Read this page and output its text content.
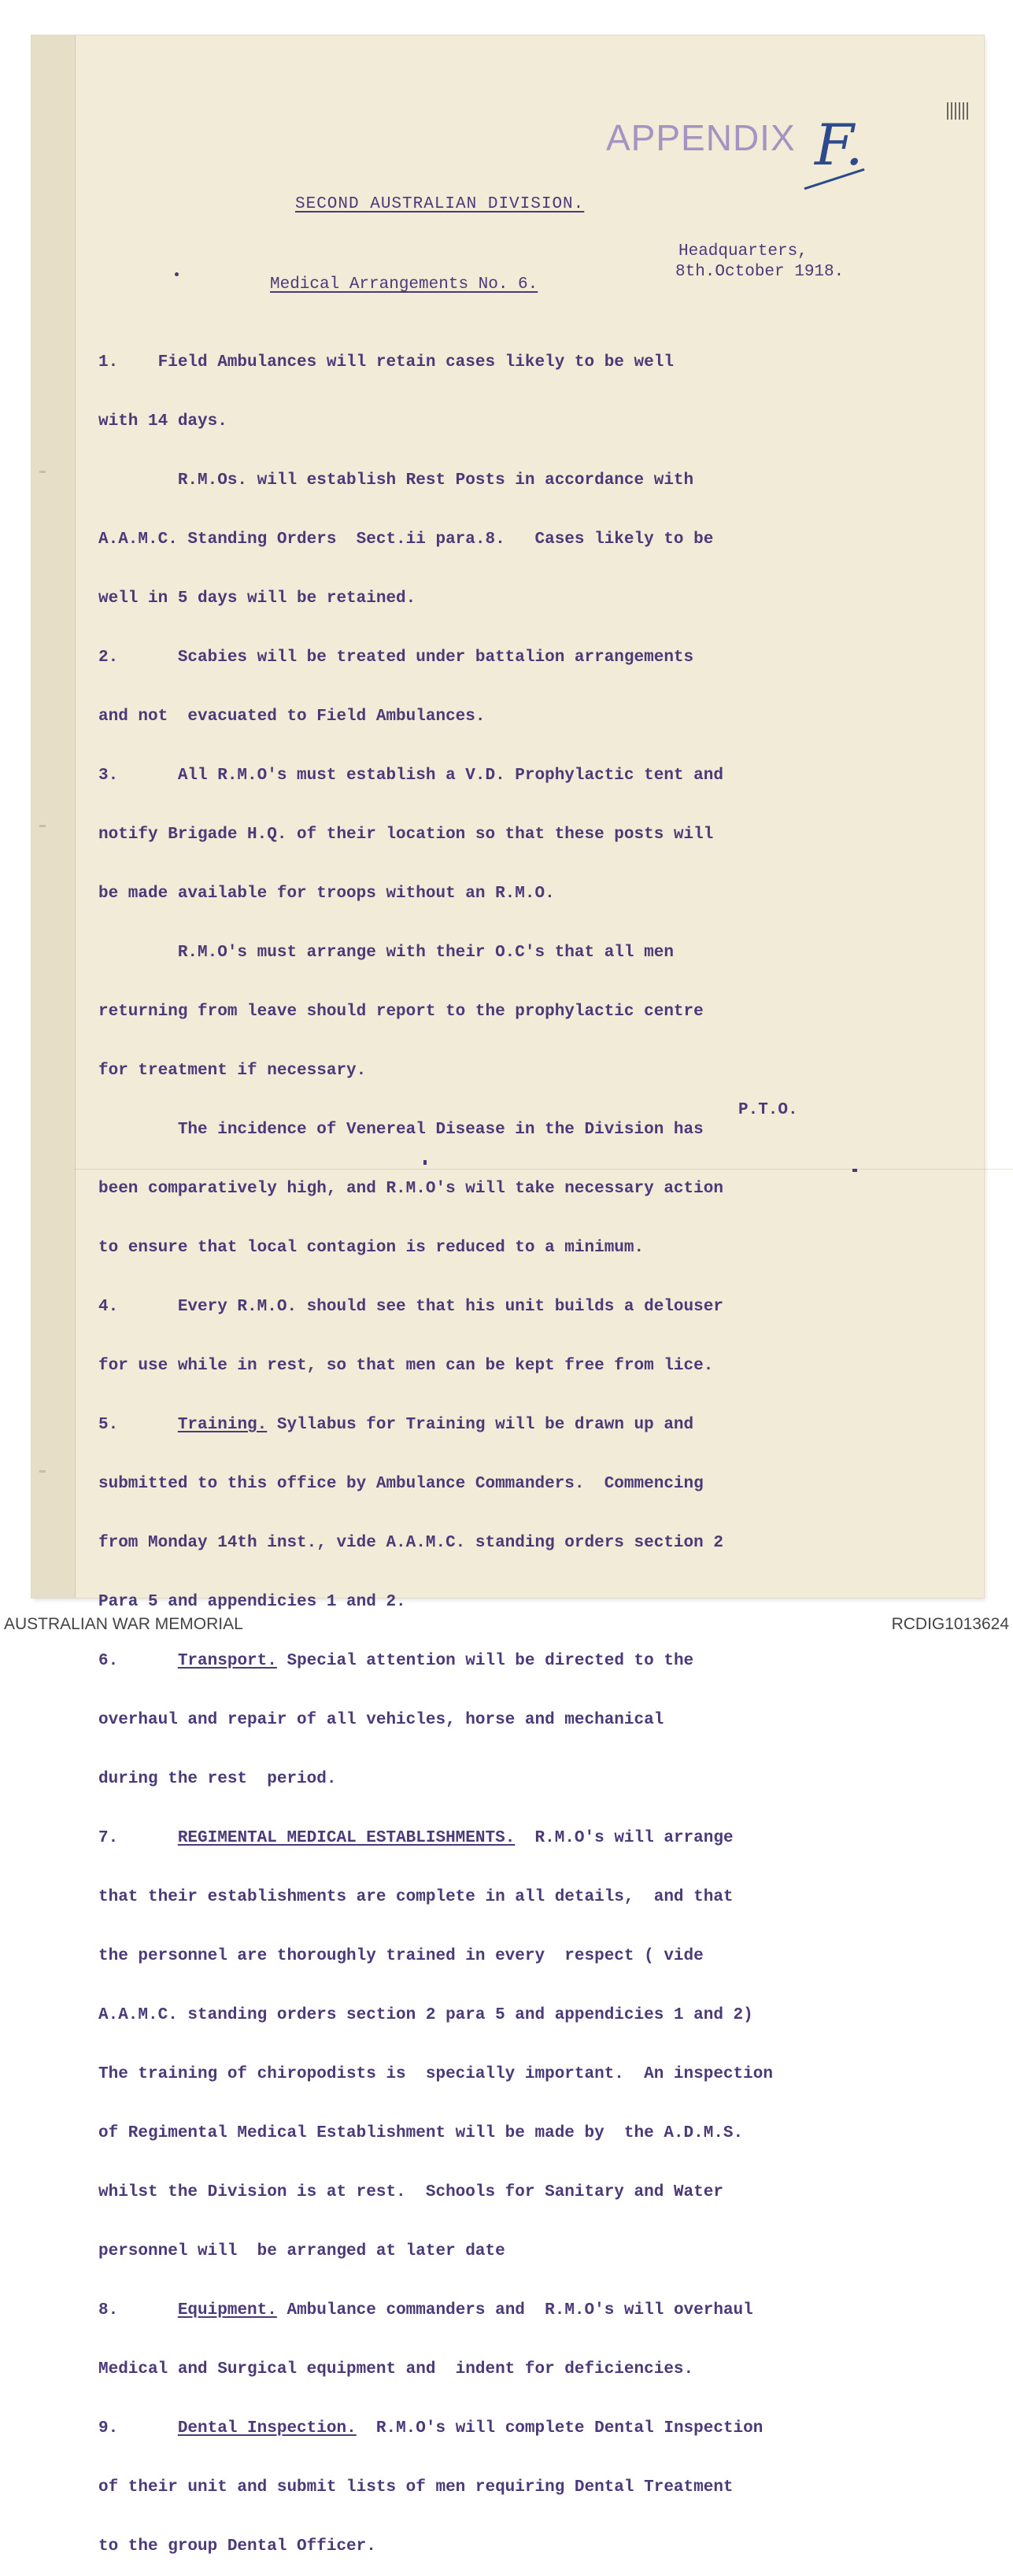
APPENDIX F.
SECOND AUSTRALIAN DIVISION.
Headquarters,
8th.October 1918.
Medical Arrangements No. 6.

1.    Field Ambulances will retain cases likely to be well

with 14 days.

R.M.Os. will establish Rest Posts in accordance with

A.A.M.C. Standing Orders  Sect.ii para.8.   Cases likely to be

well in 5 days will be retained.

2.      Scabies will be treated under battalion arrangements

and not  evacuated to Field Ambulances.

3.      All R.M.O's must establish a V.D. Prophylactic tent and

notify Brigade H.Q. of their location so that these posts will

be made available for troops without an R.M.O.

R.M.O's must arrange with their O.C's that all men

returning from leave should report to the prophylactic centre

for treatment if necessary.

The incidence of Venereal Disease in the Division has

been comparatively high, and R.M.O's will take necessary action

to ensure that local contagion is reduced to a minimum.

4.      Every R.M.O. should see that his unit builds a delouser

for use while in rest, so that men can be kept free from lice.

5.      Training. Syllabus for Training will be drawn up and

submitted to this office by Ambulance Commanders.  Commencing

from Monday 14th inst., vide A.A.M.C. standing orders section 2

Para 5 and appendicies 1 and 2.

6.      Transport. Special attention will be directed to the

overhaul and repair of all vehicles, horse and mechanical

during the rest  period.

7.      REGIMENTAL MEDICAL ESTABLISHMENTS.  R.M.O's will arrange

that their establishments are complete in all details,  and that

the personnel are thoroughly trained in every  respect ( vide

A.A.M.C. standing orders section 2 para 5 and appendicies 1 and 2)

The training of chiropodists is  specially important.  An inspection

of Regimental Medical Establishment will be made by  the A.D.M.S.

whilst the Division is at rest.  Schools for Sanitary and Water

personnel will  be arranged at later date

8.      Equipment. Ambulance commanders and  R.M.O's will overhaul

Medical and Surgical equipment and  indent for deficiencies.

9.      Dental Inspection.  R.M.O's will complete Dental Inspection

of their unit and submit lists of men requiring Dental Treatment

to the group Dental Officer.

P.T.O.
AUSTRALIAN WAR MEMORIAL	RCDIG1013624
